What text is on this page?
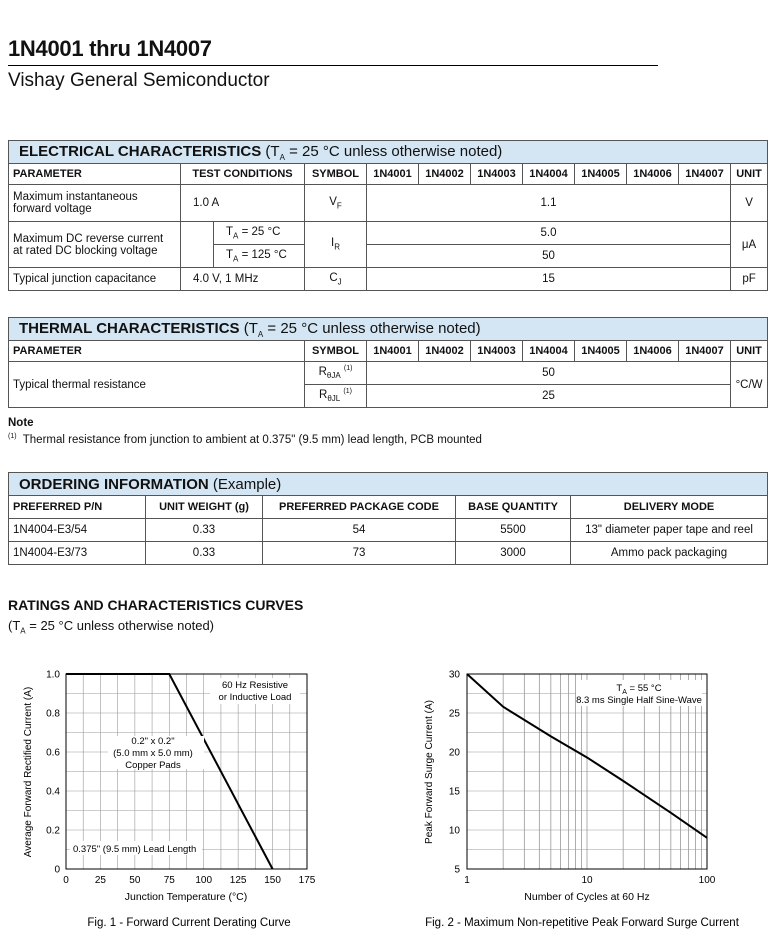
1N4001 thru 1N4007
Vishay General Semiconductor
ELECTRICAL CHARACTERISTICS ($T_A = 25$ °C unless otherwise noted)											
PARAMETER	TEST CONDITIONS		SYMBOL	1N4001	1N4002	1N4003	1N4004	1N4005	1N4006	1N4007	UNIT

Maximum instantaneous
forward voltage	1.0 A		$V_F$	1.1							V

Maximum DC reverse current
at rated DC blocking voltage		$T_A = 25$ °C	$I_R$	5.0							μA
		$T_A = 125$ °C		50							
Typical junction capacitance	4.0 V, 1 MHz		$C_J$	15							pF
THERMAL CHARACTERISTICS ($T_A = 25$ °C unless otherwise noted)									
PARAMETER	SYMBOL	1N4001	1N4002	1N4003	1N4004	1N4005	1N4006	1N4007	UNIT
Typical thermal resistance	$R_{\theta JA}$ $^{(1)}$	50							°C/W
	$R_{\theta JL}$ $^{(1)}$	25							
Note
$^{(1)}$ Thermal resistance from junction to ambient at 0.375" (9.5 mm) lead length, PCB mounted
ORDERING INFORMATION (Example)				
PREFERRED P/N	UNIT WEIGHT (g)	PREFERRED PACKAGE CODE	BASE QUANTITY	DELIVERY MODE
1N4004-E3/54	0.33	54	5500	13" diameter paper tape and reel
1N4004-E3/73	0.33	73	3000	Ammo pack packaging
RATINGS AND CHARACTERISTICS CURVES
($T_A = 25$ °C unless otherwise noted)
0	25 50 75 100 125 150 175
0
0.2
0.4
0.6
0.8
1.0
60 Hz Resistive
or Inductive Load
0.2" x 0.2"
(5.0 mm x 5.0 mm)
Copper Pads
0.375" (9.5 mm) Lead Length
Junction Temperature (°C)
Average Forward Rectified Current (A)
Fig. 1 - Forward Current Derating Curve
1	10	100
5
10
15
20
25
30
$T_A = 55$ °C
8.3 ms Single Half Sine-Wave
Number of Cycles at 60 Hz
Peak Forward Surge Current (A)
Fig. 2 - Maximum Non-repetitive Peak Forward Surge Current
